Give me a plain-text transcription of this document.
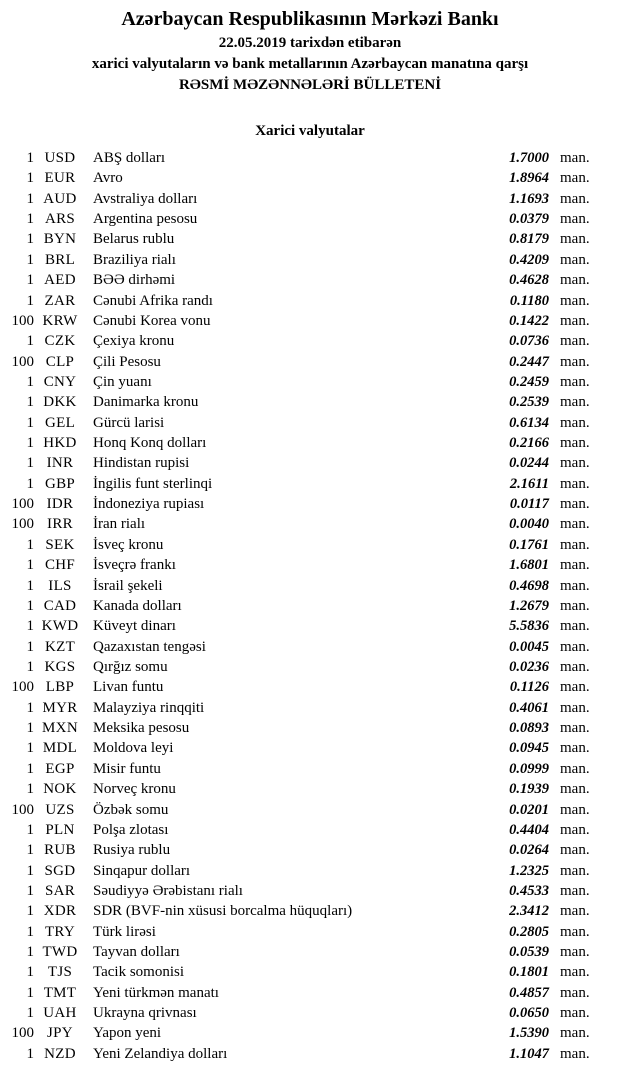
Azərbaycan Respublikasının Mərkəzi Bankı
22.05.2019 tarixdən etibarən
xarici valyutaların və bank metallarının Azərbaycan manatına qarşı
RƏSMİ MƏZƏNNƏLƏRİ BÜLLETENİ
Xarici valyutalar
1 USD	ABŞ dolları	1.7000 man.
1 EUR	Avro	1.8964 man.
1 AUD	Avstraliya dolları	1.1693 man.
1 ARS	Argentina pesosu	0.0379 man.
1 BYN	Belarus rublu	0.8179 man.
1 BRL	Braziliya rialı	0.4209 man.
1 AED	BƏƏ dirhəmi	0.4628 man.
1 ZAR	Cənubi Afrika randı	0.1180 man.
100 KRW	Cənubi Korea vonu	0.1422 man.
1 CZK	Çexiya kronu	0.0736 man.
100 CLP	Çili Pesosu	0.2447 man.
1 CNY	Çin yuanı	0.2459 man.
1 DKK	Danimarka kronu	0.2539 man.
1 GEL	Gürcü larisi	0.6134 man.
1 HKD	Honq Konq dolları	0.2166 man.
1 INR	Hindistan rupisi	0.0244 man.
1 GBP	İngilis funt sterlinqi	2.1611 man.
100 IDR	İndoneziya rupiası	0.0117 man.
100 IRR	İran rialı	0.0040 man.
1 SEK	İsveç kronu	0.1761 man.
1 CHF	İsveçrə frankı	1.6801 man.
1 ILS	İsrail şekeli	0.4698 man.
1 CAD	Kanada dolları	1.2679 man.
1 KWD Küveyt dinarı	5.5836 man.
1 KZT	Qazaxıstan tengəsi	0.0045 man.
1 KGS	Qırğız somu	0.0236 man.
100 LBP	Livan funtu	0.1126 man.
1 MYR	Malayziya rinqqiti	0.4061 man.
1 MXN	Meksika pesosu	0.0893 man.
1 MDL	Moldova leyi	0.0945 man.
1 EGP	Misir funtu	0.0999 man.
1 NOK	Norveç kronu	0.1939 man.
100 UZS	Özbək somu	0.0201 man.
1 PLN	Polşa zlotası	0.4404 man.
1 RUB	Rusiya rublu	0.0264 man.
1 SGD	Sinqapur dolları	1.2325 man.
1 SAR	Səudiyyə Ərəbistanı rialı	0.4533 man.
1 XDR	SDR (BVF-nin xüsusi borcalma hüquqları)	2.3412 man.
1 TRY	Türk lirəsi	0.2805 man.
1 TWD	Tayvan dolları	0.0539 man.
1 TJS	Tacik somonisi	0.1801 man.
1 TMT	Yeni türkmən manatı	0.4857 man.
1 UAH	Ukrayna qrivnası	0.0650 man.
100 JPY	Yapon yeni	1.5390 man.
1 NZD	Yeni Zelandiya dolları	1.1047 man.
